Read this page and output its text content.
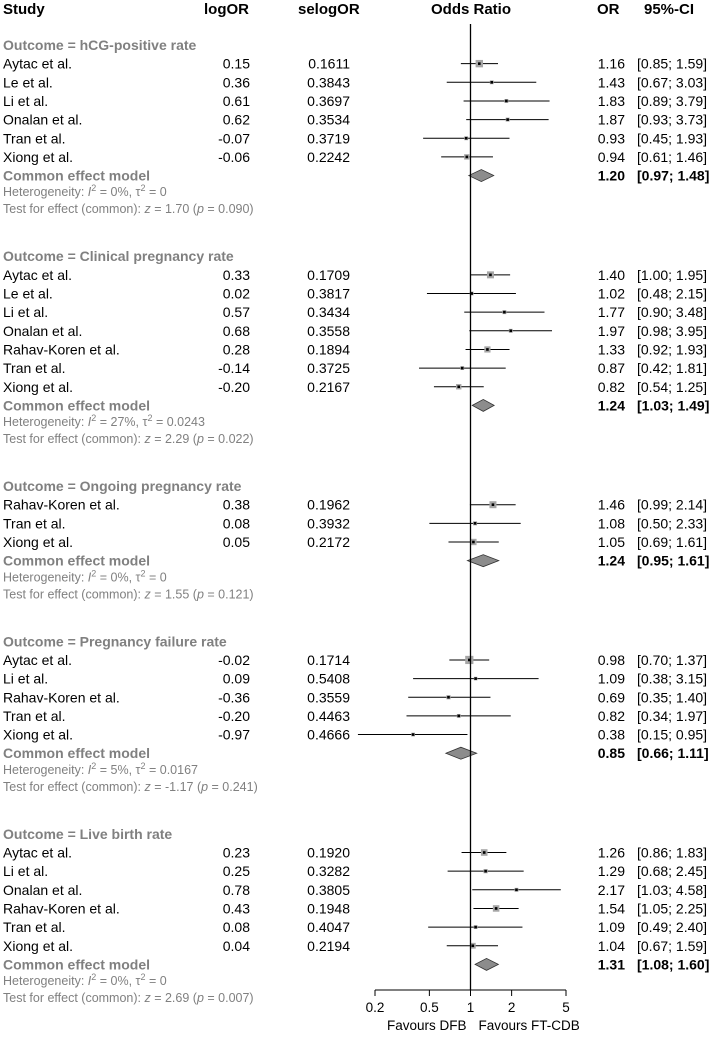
Study	logOR	selogOR	Odds Ratio	OR 95%-CI
Outcome = hCG-positive rate
Aytac et al.	0.15	0.1611	1.16 [0.85; 1.59]
Le et al.	0.36	0.3843	1.43 [0.67; 3.03]
Li et al.	0.61	0.3697	1.83 [0.89; 3.79]
Onalan et al.	0.62	0.3534	1.87 [0.93; 3.73]
Tran et al.	-0.07	0.3719	0.93 [0.45; 1.93]
Xiong et al.	-0.06	0.2242	0.94 [0.61; 1.46]
Common effect model	1.20 [0.97; 1.48]
Heterogeneity: $I^2 = 0\%$, $\tau^2 = 0$
Test for effect (common): z = 1.70 (p = 0.090)
Outcome = Clinical pregnancy rate
Aytac et al.	0.33	0.1709	1.40 [1.00; 1.95]
Le et al.	0.02	0.3817	1.02 [0.48; 2.15]
Li et al.	0.57	0.3434	1.77 [0.90; 3.48]
Onalan et al.	0.68	0.3558	1.97 [0.98; 3.95]
Rahav-Koren et al.	0.28	0.1894	1.33 [0.92; 1.93]
Tran et al.	-0.14	0.3725	0.87 [0.42; 1.81]
Xiong et al.	-0.20	0.2167	0.82 [0.54; 1.25]
Common effect model	1.24 [1.03; 1.49]
Heterogeneity: $I^2 = 27\%$, $\tau^2 = 0.0243$
Test for effect (common): z = 2.29 (p = 0.022)
Outcome = Ongoing pregnancy rate
Rahav-Koren et al.	0.38	0.1962	1.46 [0.99; 2.14]
Tran et al.	0.08	0.3932	1.08 [0.50; 2.33]
Xiong et al.	0.05	0.2172	1.05 [0.69; 1.61]
Common effect model	1.24 [0.95; 1.61]
Heterogeneity: $I^2 = 0\%$, $\tau^2 = 0$
Test for effect (common): z = 1.55 (p = 0.121)
Outcome = Pregnancy failure rate
Aytac et al.	-0.02	0.1714	0.98 [0.70; 1.37]
Li et al.	0.09	0.5408	1.09 [0.38; 3.15]
Rahav-Koren et al.	-0.36	0.3559	0.69 [0.35; 1.40]
Tran et al.	-0.20	0.4463	0.82 [0.34; 1.97]
Xiong et al.	-0.97	0.4666	0.38 [0.15; 0.95]
Common effect model	0.85 [0.66; 1.11]
Heterogeneity: $I^2 = 5\%$, $\tau^2 = 0.0167$
Test for effect (common): z = -1.17 (p = 0.241)
Outcome = Live birth rate
Aytac et al.	0.23	0.1920	1.26 [0.86; 1.83]
Li et al.	0.25	0.3282	1.29 [0.68; 2.45]
Onalan et al.	0.78	0.3805	2.17 [1.03; 4.58]
Rahav-Koren et al.	0.43	0.1948	1.54 [1.05; 2.25]
Tran et al.	0.08	0.4047	1.09 [0.49; 2.40]
Xiong et al.	0.04	0.2194	1.04 [0.67; 1.59]
Common effect model	1.31 [1.08; 1.60]
Heterogeneity: $I^2 = 0\%$, $\tau^2 = 0$
Test for effect (common): z = 2.69 (p = 0.007)
0.2	0.5 1 2	5
Favours DFB Favours FT-CDB
